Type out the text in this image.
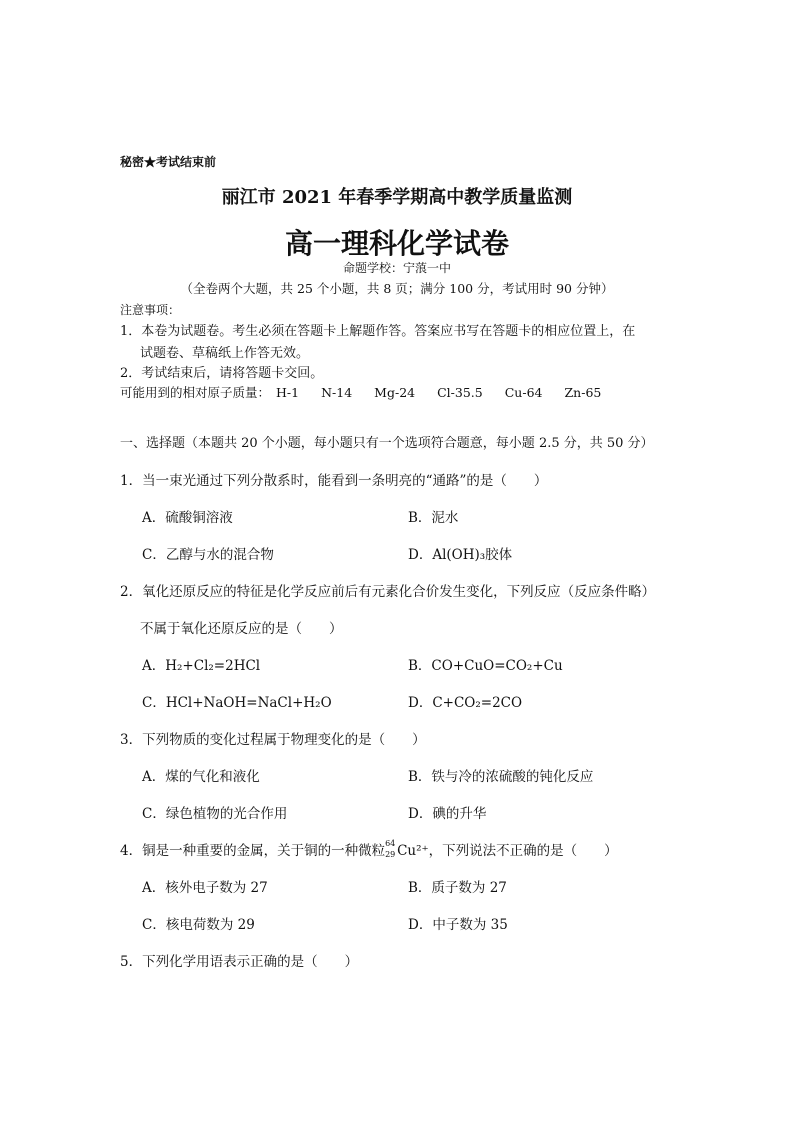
秘密★考试结束前
丽江市 2021 年春季学期高中教学质量监测
高一理科化学试卷
命题学校：宁蒗一中
（全卷两个大题，共 25 个小题，共 8 页；满分 100 分，考试用时 90 分钟）
注意事项：
1．本卷为试题卷。考生必须在答题卡上解题作答。答案应书写在答题卡的相应位置上，在
试题卷、草稿纸上作答无效。
2．考试结束后，请将答题卡交回。
可能用到的相对原子质量： H-1 N-14 Mg-24 Cl-35.5 Cu-64 Zn-65
一、选择题（本题共 20 个小题，每小题只有一个选项符合题意，每小题 2.5 分，共 50 分）
1．当一束光通过下列分散系时，能看到一条明亮的“通路”的是（　　）
A．硫酸铜溶液	B．泥水
C．乙醇与水的混合物	D．Al(OH)₃胶体
2．氧化还原反应的特征是化学反应前后有元素化合价发生变化，下列反应（反应条件略）
不属于氧化还原反应的是（　　）
A．H₂+Cl₂=2HCl	B．CO+CuO=CO₂+Cu
C．HCl+NaOH=NaCl+H₂O	D．C+CO₂=2CO
3．下列物质的变化过程属于物理变化的是（　　）
A．煤的气化和液化	B．铁与冷的浓硫酸的钝化反应
C．绿色植物的光合作用	D．碘的升华
4．铜是一种重要的金属，关于铜的一种微粒 64
29 Cu²⁺，下列说法不正确的是（　　）
A．核外电子数为 27	B．质子数为 27
C．核电荷数为 29	D．中子数为 35
5．下列化学用语表示正确的是（　　）
